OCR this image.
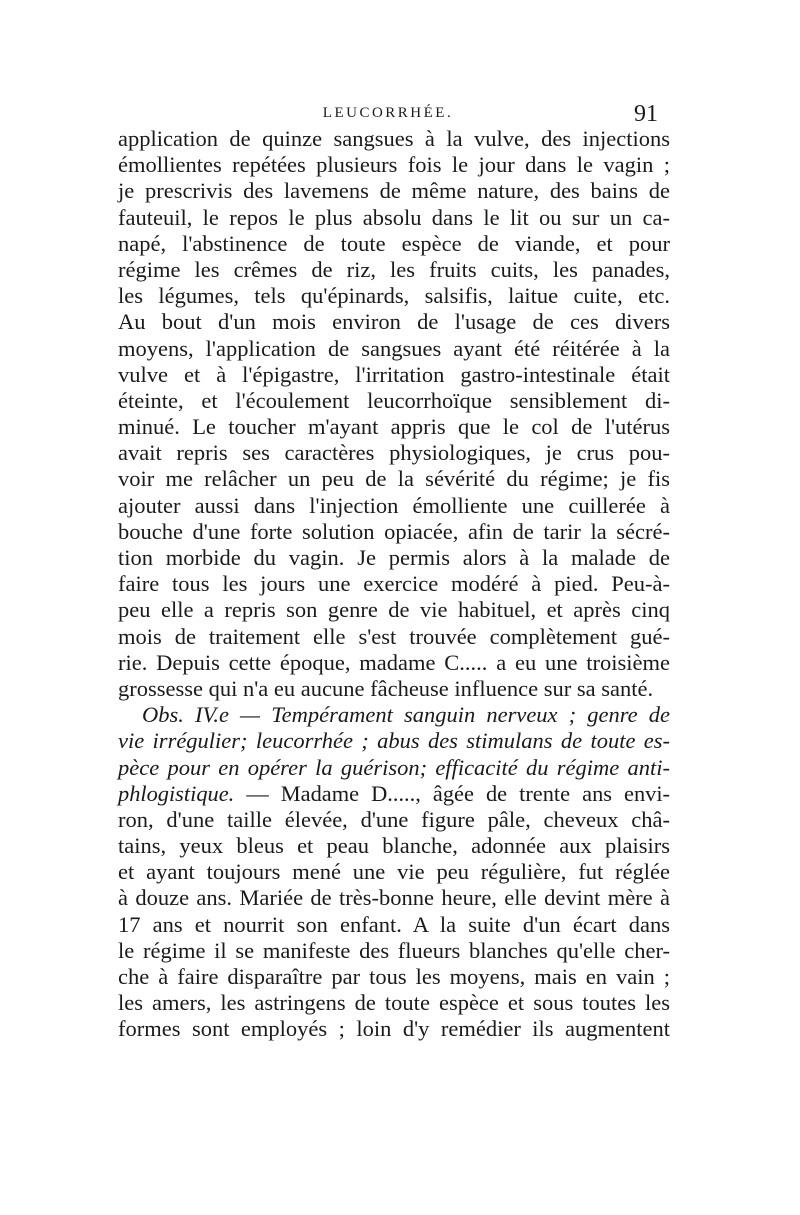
LEUCORRHÉE.	91
application de quinze sangsues à la vulve, des injections
émollientes repétées plusieurs fois le jour dans le vagin ;
je prescrivis des lavemens de même nature, des bains de
fauteuil, le repos le plus absolu dans le lit ou sur un ca-
napé, l'abstinence de toute espèce de viande, et pour
régime les crêmes de riz, les fruits cuits, les panades,
les légumes, tels qu'épinards, salsifis, laitue cuite, etc.
Au bout d'un mois environ de l'usage de ces divers
moyens, l'application de sangsues ayant été réitérée à la
vulve et à l'épigastre, l'irritation gastro-intestinale était
éteinte, et l'écoulement leucorrhoïque sensiblement di-
minué. Le toucher m'ayant appris que le col de l'utérus
avait repris ses caractères physiologiques, je crus pou-
voir me relâcher un peu de la sévérité du régime; je fis
ajouter aussi dans l'injection émolliente une cuillerée à
bouche d'une forte solution opiacée, afin de tarir la sécré-
tion morbide du vagin. Je permis alors à la malade de
faire tous les jours une exercice modéré à pied. Peu-à-
peu elle a repris son genre de vie habituel, et après cinq
mois de traitement elle s'est trouvée complètement gué-
rie. Depuis cette époque, madame C..... a eu une troisième
grossesse qui n'a eu aucune fâcheuse influence sur sa santé.
Obs. IV.e — Tempérament sanguin nerveux ; genre de
vie irrégulier; leucorrhée ; abus des stimulans de toute es-
pèce pour en opérer la guérison; efficacité du régime anti-
phlogistique. — Madame D....., âgée de trente ans envi-
ron, d'une taille élevée, d'une figure pâle, cheveux châ-
tains, yeux bleus et peau blanche, adonnée aux plaisirs
et ayant toujours mené une vie peu régulière, fut réglée
à douze ans. Mariée de très-bonne heure, elle devint mère à
17 ans et nourrit son enfant. A la suite d'un écart dans
le régime il se manifeste des flueurs blanches qu'elle cher-
che à faire disparaître par tous les moyens, mais en vain ;
les amers, les astringens de toute espèce et sous toutes les
formes sont employés ; loin d'y remédier ils augmentent
